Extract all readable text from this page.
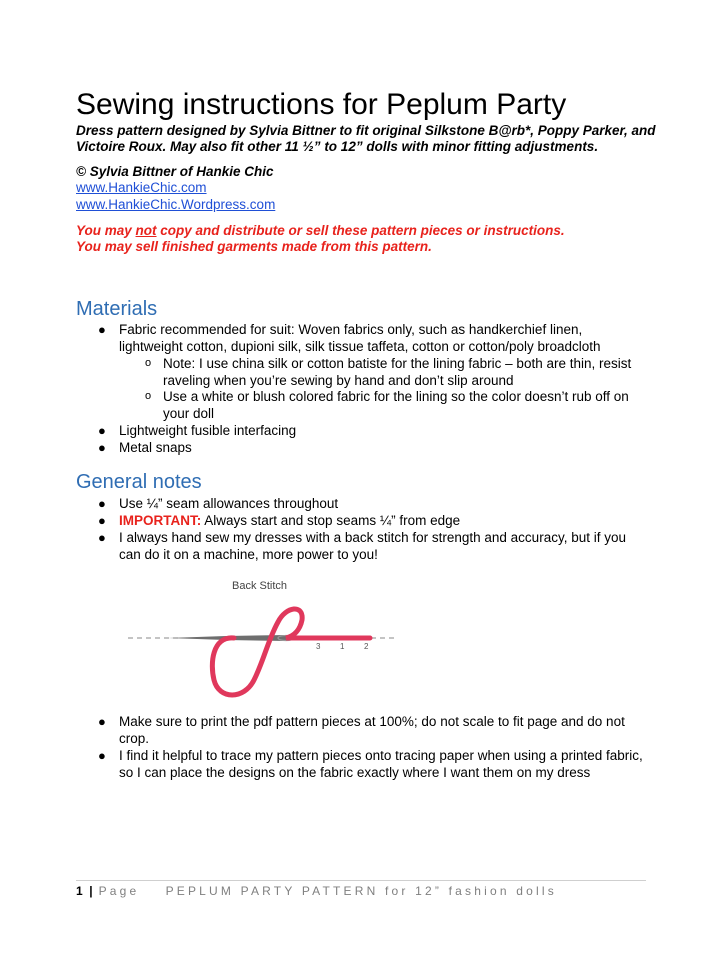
Sewing instructions for Peplum Party

Dress pattern designed by Sylvia Bittner to fit original Silkstone B@rb*, Poppy Parker, and Victoire Roux. May also fit other 11 ½” to 12” dolls with minor fitting adjustments.

© Sylvia Bittner of Hankie Chic
www.HankieChic.com
www.HankieChic.Wordpress.com
You may not copy and distribute or sell these pattern pieces or instructions.
You may sell finished garments made from this pattern.
Materials
● Fabric recommended for suit: Woven fabrics only, such as handkerchief linen,
lightweight cotton, dupioni silk, silk tissue taffeta, cotton or cotton/poly broadcloth
o Note: I use china silk or cotton batiste for the lining fabric – both are thin, resist
raveling when you’re sewing by hand and don’t slip around
o Use a white or blush colored fabric for the lining so the color doesn’t rub off on
your doll
● Lightweight fusible interfacing
● Metal snaps
General notes
● Use ¼” seam allowances throughout
● IMPORTANT: Always start and stop seams ¼” from edge
● I always hand sew my dresses with a back stitch for strength and accuracy, but if you
can do it on a machine, more power to you!
Back Stitch
3 1 2
● Make sure to print the pdf pattern pieces at 100%; do not scale to fit page and do not
crop.
● I find it helpful to trace my pattern pieces onto tracing paper when using a printed fabric,
so I can place the designs on the fabric exactly where I want them on my dress
1 | Page PEPLUM PARTY PATTERN for 12” fashion dolls
